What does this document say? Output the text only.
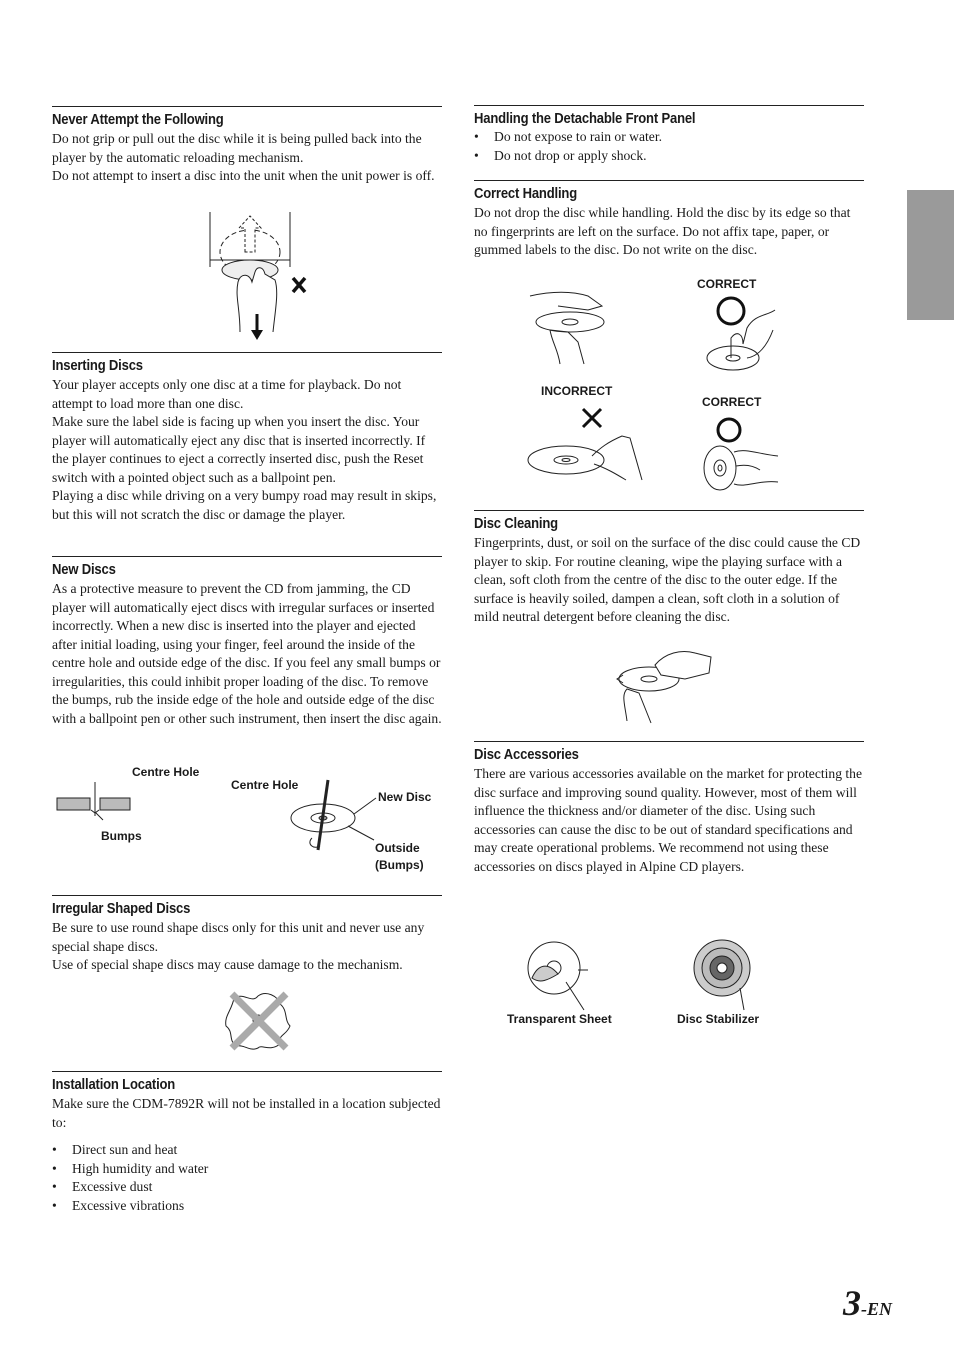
Never Attempt the Following

Do not grip or pull out the disc while it is being pulled back into the player by the automatic reloading mechanism.

Do not attempt to insert a disc into the unit when the unit power is off.

Inserting Discs

Your player accepts only one disc at a time for playback. Do not attempt to load more than one disc.

Make sure the label side is facing up when you insert the disc. Your player will automatically eject any disc that is inserted incorrectly. If the player continues to eject a correctly inserted disc, push the Reset switch with a pointed object such as a ballpoint pen.

Playing a disc while driving on a very bumpy road may result in skips, but this will not scratch the disc or damage the player.

New Discs

As a protective measure to prevent the CD from jamming, the CD player will automatically eject discs with irregular surfaces or inserted incorrectly. When a new disc is inserted into the player and ejected after initial loading, using your finger, feel around the inside of the centre hole and outside edge of the disc. If you feel any small bumps or irregularities, this could inhibit proper loading of the disc. To remove the bumps, rub the inside edge of the hole and outside edge of the disc with a ballpoint pen or other such instrument, then insert the disc again.

Centre Hole
Bumps
Centre Hole
New Disc
Outside
(Bumps)
Irregular Shaped Discs

Be sure to use round shape discs only for this unit and never use any special shape discs.

Use of special shape discs may cause damage to the mechanism.

Installation Location

Make sure the CDM-7892R will not be installed in a location subjected to:

• Direct sun and heat
• High humidity and water
• Excessive dust
• Excessive vibrations
Handling the Detachable Front Panel
• Do not expose to rain or water.
• Do not drop or apply shock.
Correct Handling

Do not drop the disc while handling. Hold the disc by its edge so that no fingerprints are left on the surface. Do not affix tape, paper, or gummed labels to the disc. Do not write on the disc.

CORRECT
INCORRECT
CORRECT
Disc Cleaning

Fingerprints, dust, or soil on the surface of the disc could cause the CD player to skip. For routine cleaning, wipe the playing surface with a clean, soft cloth from the centre of the disc to the outer edge. If the surface is heavily soiled, dampen a clean, soft cloth in a solution of mild neutral detergent before cleaning the disc.

Disc Accessories

There are various accessories available on the market for protecting the disc surface and improving sound quality. However, most of them will influence the thickness and/or diameter of the disc. Using such accessories can cause the disc to be out of standard specifications and may create operational problems. We recommend not using these accessories on discs played in Alpine CD players.

Transparent Sheet	Disc Stabilizer
3-EN
